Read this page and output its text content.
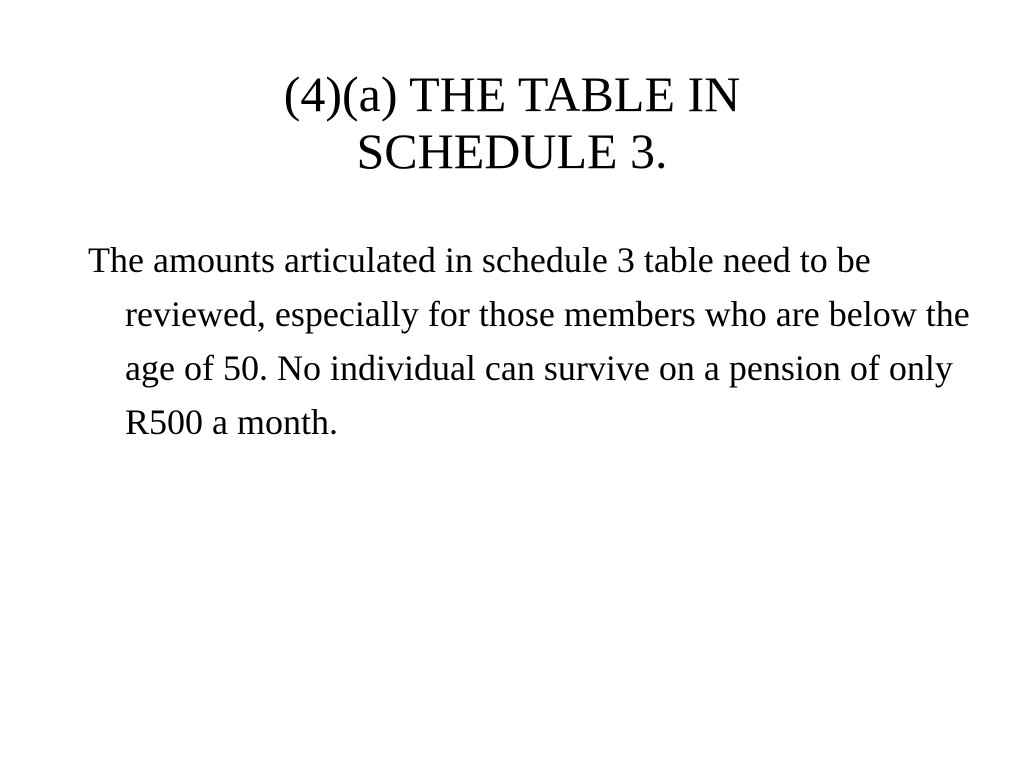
(4)(a) THE TABLE IN
SCHEDULE 3.

The amounts articulated in schedule 3 table need to be reviewed, especially for those members who are below the age of 50. No individual can survive on a pension of only R500 a month.
